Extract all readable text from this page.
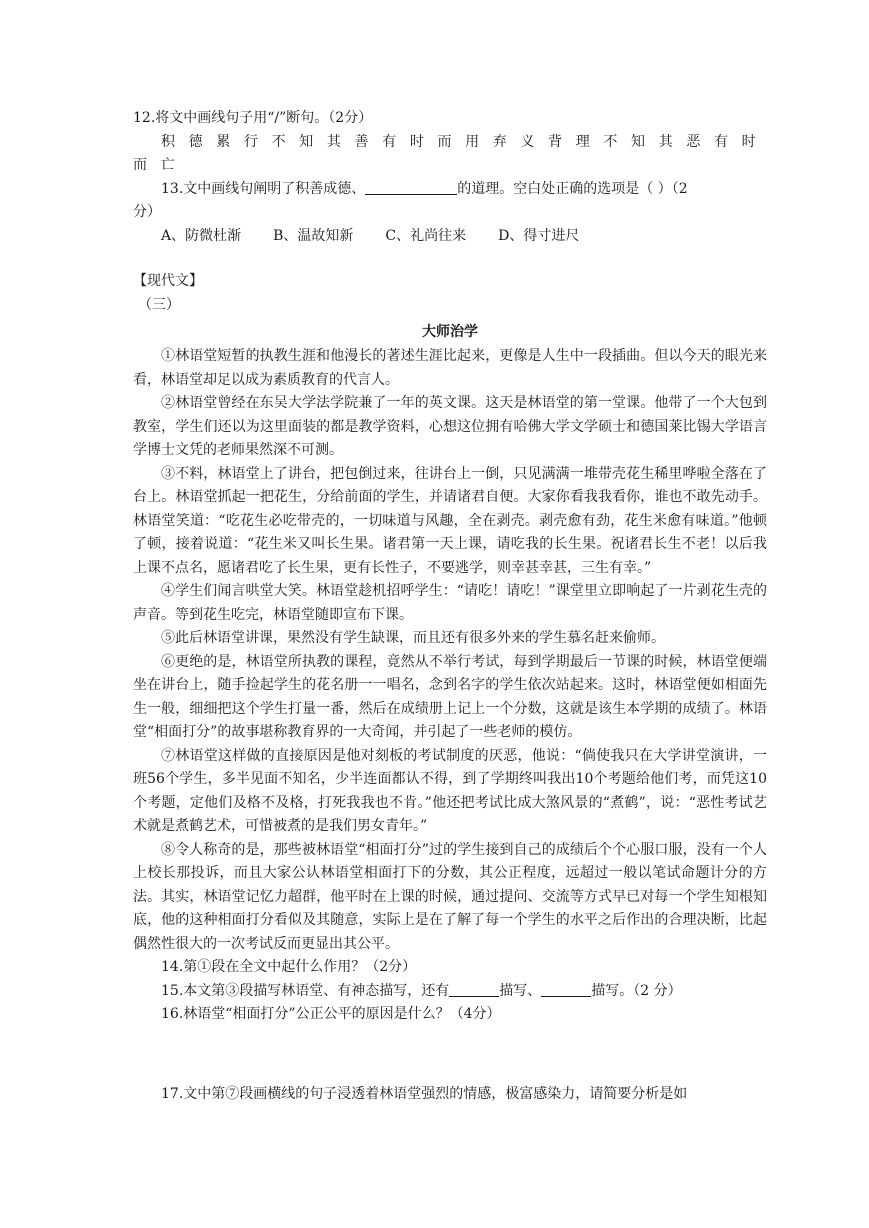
12.将文中画线句子用“/”断句。（2分）
积 德 累 行 不 知 其 善 有 时 而 用 弃 义 背 理 不 知 其 恶 有 时
而 亡
13.文中画线句阐明了积善成德、	的道理。空白处正确的选项是（ ）（2
分）
A、防微杜渐 B、温故知新 C、礼尚往来 D、得寸进尺
【现代文】
（三）
大师治学

①林语堂短暂的执教生涯和他漫长的著述生涯比起来，更像是人生中一段插曲。但以今天的眼光来看，林语堂却足以成为素质教育的代言人。

②林语堂曾经在东吴大学法学院兼了一年的英文课。这天是林语堂的第一堂课。他带了一个大包到教室，学生们还以为这里面装的都是教学资料，心想这位拥有哈佛大学文学硕士和德国莱比锡大学语言学博士文凭的老师果然深不可测。

③不料，林语堂上了讲台，把包倒过来，往讲台上一倒，只见满满一堆带壳花生稀里哗啦全落在了台上。林语堂抓起一把花生，分给前面的学生，并请诸君自便。大家你看我我看你，谁也不敢先动手。林语堂笑道：“吃花生必吃带壳的，一切味道与风趣，全在剥壳。剥壳愈有劲，花生米愈有味道。”他顿了顿，接着说道：“花生米又叫长生果。诸君第一天上课，请吃我的长生果。祝诸君长生不老！以后我上课不点名，愿诸君吃了长生果，更有长性子，不要逃学，则幸甚幸甚，三生有幸。”

④学生们闻言哄堂大笑。林语堂趁机招呼学生：“请吃！请吃！”课堂里立即响起了一片剥花生壳的声音。等到花生吃完，林语堂随即宣布下课。

⑤此后林语堂讲课，果然没有学生缺课，而且还有很多外来的学生慕名赶来偷师。

⑥更绝的是，林语堂所执教的课程，竟然从不举行考试，每到学期最后一节课的时候，林语堂便端坐在讲台上，随手捡起学生的花名册一一唱名，念到名字的学生依次站起来。这时，林语堂便如相面先生一般，细细把这个学生打量一番，然后在成绩册上记上一个分数，这就是该生本学期的成绩了。林语堂“相面打分”的故事堪称教育界的一大奇闻，并引起了一些老师的模仿。

⑦林语堂这样做的直接原因是他对刻板的考试制度的厌恶，他说：“倘使我只在大学讲堂演讲，一班56个学生，多半见面不知名，少半连面都认不得，到了学期终叫我出10个考题给他们考，而凭这10个考题，定他们及格不及格，打死我我也不肯。”他还把考试比成大煞风景的“煮鹤”，说：“恶性考试艺术就是煮鹤艺术，可惜被煮的是我们男女青年。”

⑧令人称奇的是，那些被林语堂“相面打分”过的学生接到自己的成绩后个个心服口服，没有一个人上校长那投诉，而且大家公认林语堂相面打下的分数，其公正程度，远超过一般以笔试命题计分的方法。其实，林语堂记忆力超群，他平时在上课的时候，通过提问、交流等方式早已对每一个学生知根知底，他的这种相面打分看似及其随意，实际上是在了解了每一个学生的水平之后作出的合理决断，比起偶然性很大的一次考试反而更显出其公平。

14.第①段在全文中起什么作用？（2分）
15.本文第③段描写林语堂、有神态描写，还有	描写、	描写。（2 分）
16.林语堂“相面打分”公正公平的原因是什么？（4分）
17.文中第⑦段画横线的句子浸透着林语堂强烈的情感，极富感染力，请简要分析是如
